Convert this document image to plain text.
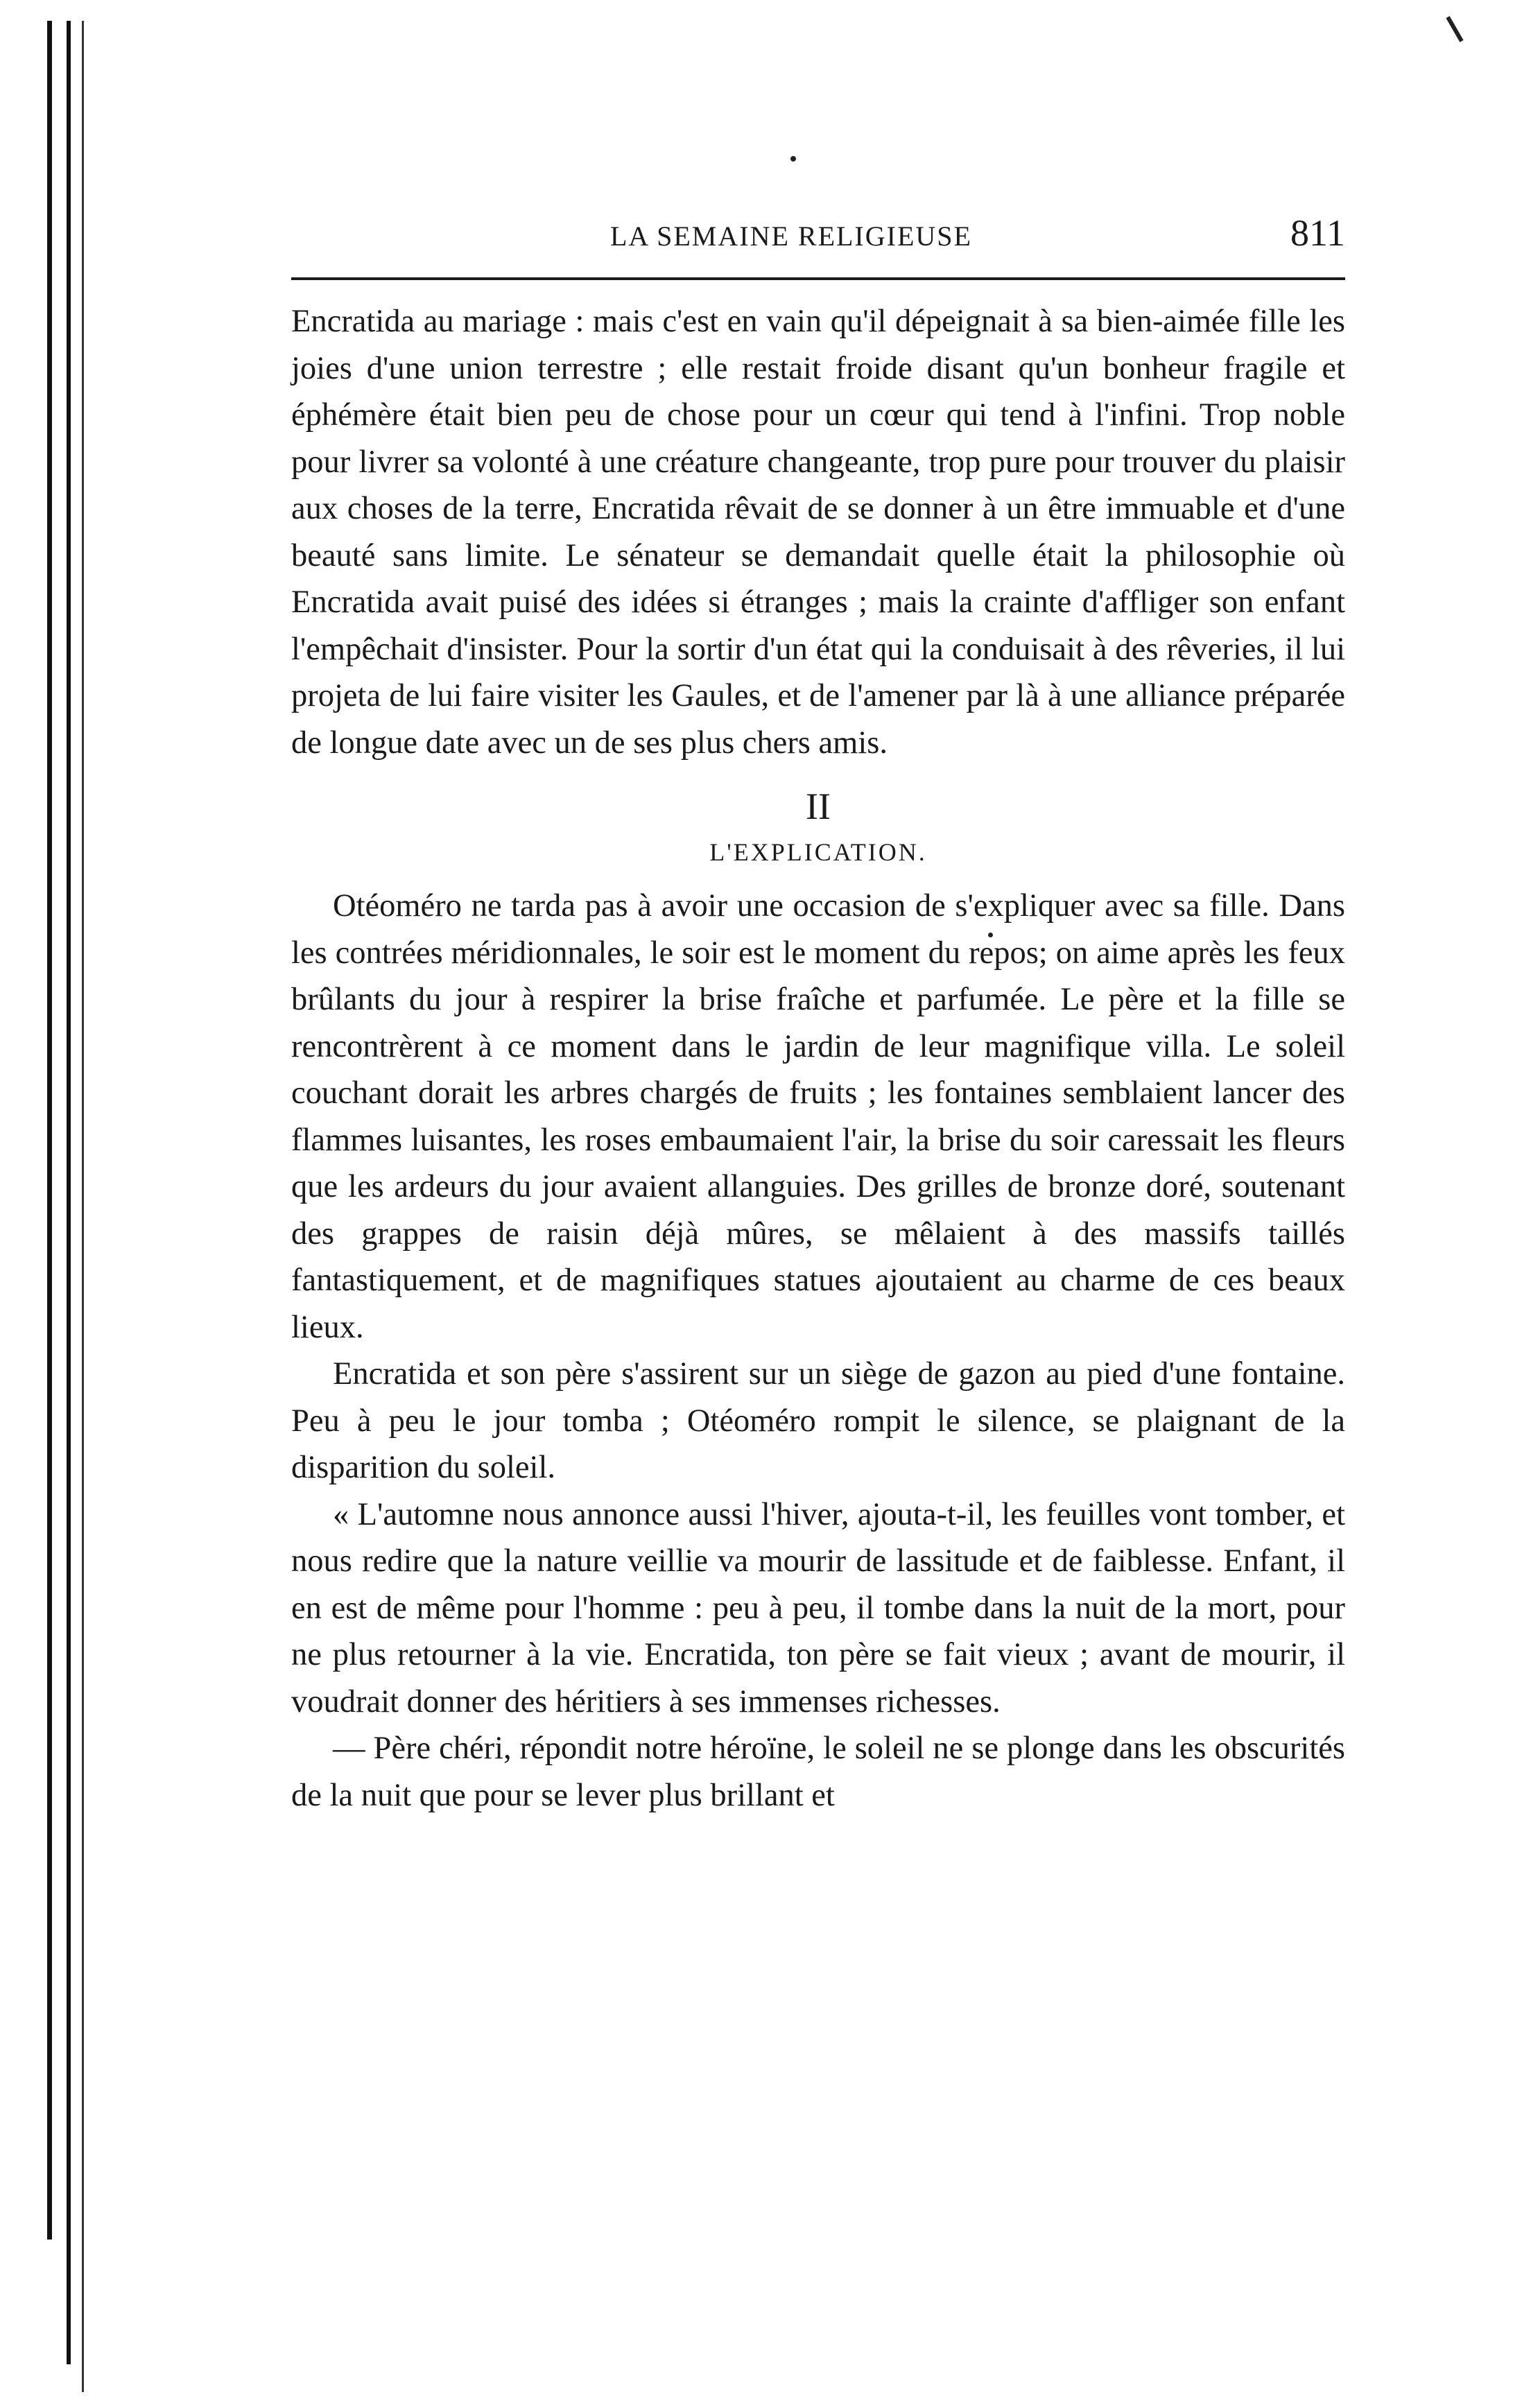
LA SEMAINE RELIGIEUSE	811

Encratida au mariage : mais c'est en vain qu'il dépeignait à sa bien-aimée fille les joies d'une union terrestre ; elle restait froide disant qu'un bonheur fragile et éphémère était bien peu de chose pour un cœur qui tend à l'infini. Trop noble pour livrer sa volonté à une créature changeante, trop pure pour trouver du plaisir aux choses de la terre, Encratida rêvait de se donner à un être immuable et d'une beauté sans limite. Le sénateur se demandait quelle était la philosophie où Encratida avait puisé des idées si étranges ; mais la crainte d'affliger son enfant l'empêchait d'insister. Pour la sortir d'un état qui la conduisait à des rêveries, il lui projeta de lui faire visiter les Gaules, et de l'amener par là à une alliance préparée de longue date avec un de ses plus chers amis.

II
L'EXPLICATION.

Otéoméro ne tarda pas à avoir une occasion de s'expliquer avec sa fille. Dans les contrées méridionnales, le soir est le moment du repos; on aime après les feux brûlants du jour à respirer la brise fraîche et parfumée. Le père et la fille se rencontrèrent à ce moment dans le jardin de leur magnifique villa. Le soleil couchant dorait les arbres chargés de fruits ; les fontaines semblaient lancer des flammes luisantes, les roses embaumaient l'air, la brise du soir caressait les fleurs que les ardeurs du jour avaient allanguies. Des grilles de bronze doré, soutenant des grappes de raisin déjà mûres, se mêlaient à des massifs taillés fantastiquement, et de magnifiques statues ajoutaient au charme de ces beaux lieux.

Encratida et son père s'assirent sur un siège de gazon au pied d'une fontaine. Peu à peu le jour tomba ; Otéoméro rompit le silence, se plaignant de la disparition du soleil.

« L'automne nous annonce aussi l'hiver, ajouta-t-il, les feuilles vont tomber, et nous redire que la nature veillie va mourir de lassitude et de faiblesse. Enfant, il en est de même pour l'homme : peu à peu, il tombe dans la nuit de la mort, pour ne plus retourner à la vie. Encratida, ton père se fait vieux ; avant de mourir, il voudrait donner des héritiers à ses immenses richesses.

— Père chéri, répondit notre héroïne, le soleil ne se plonge dans les obscurités de la nuit que pour se lever plus brillant et
